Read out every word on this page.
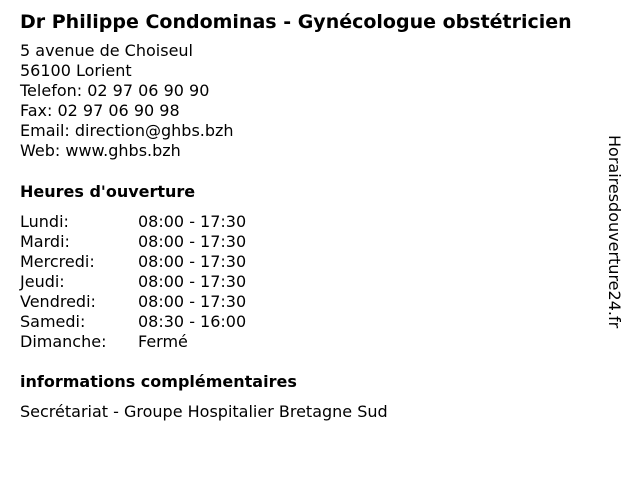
Dr Philippe Condominas - Gynécologue obstétricien
5 avenue de Choiseul
56100 Lorient
Telefon: 02 97 06 90 90
Fax: 02 97 06 90 98
Email: direction@ghbs.bzh
Web: www.ghbs.bzh
Heures d'ouverture
Lundi:	08:00 - 17:30
Mardi:	08:00 - 17:30
Mercredi:	08:00 - 17:30
Jeudi:	08:00 - 17:30
Vendredi:	08:00 - 17:30
Samedi:	08:30 - 16:00
Dimanche:	Fermé
informations complémentaires
Secrétariat - Groupe Hospitalier Bretagne Sud
Horairesdouverture24.fr
